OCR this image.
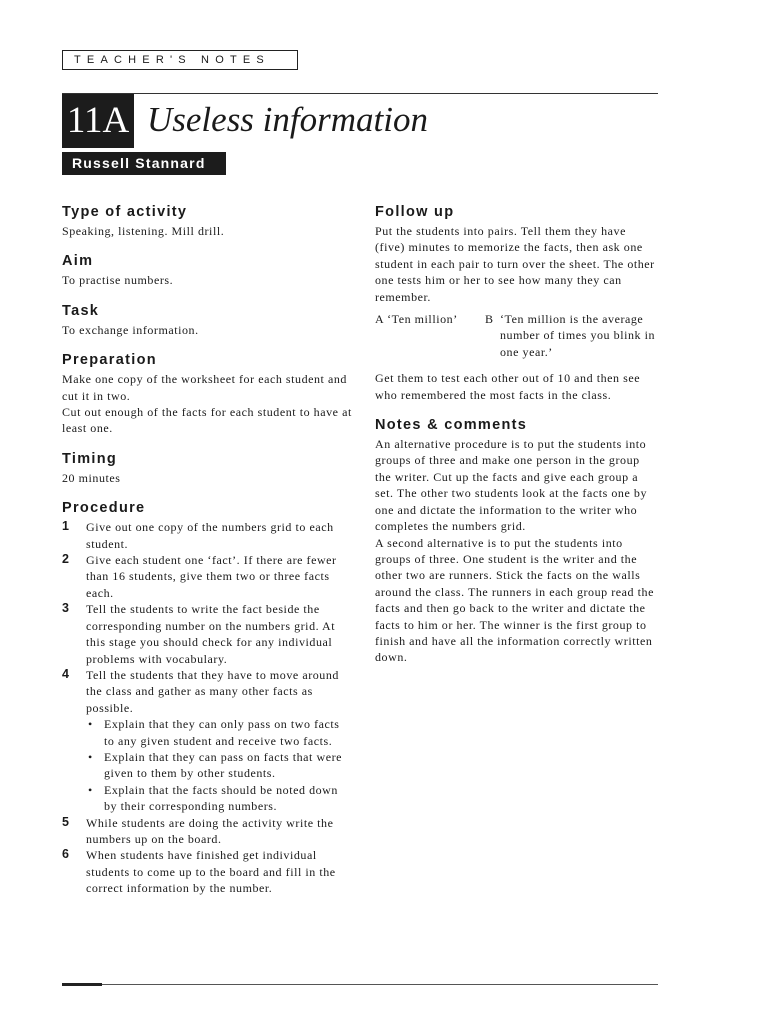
TEACHER'S NOTES
11A Useless information
Russell Stannard
Type of activity

Speaking, listening. Mill drill.

Aim

To practise numbers.

Task

To exchange information.

Preparation

Make one copy of the worksheet for each student and cut it in two.

Cut out enough of the facts for each student to have at least one.

Timing

20 minutes

Procedure
1 Give out one copy of the numbers grid to each student.
2 Give each student one ‘fact’. If there are fewer than 16 students, give them two or three facts each.
3 Tell the students to write the fact beside the corresponding number on the numbers grid. At this stage you should check for any individual problems with vocabulary.
4 Tell the students that they have to move around the class and gather as many other facts as possible.
• Explain that they can only pass on two facts to any given student and receive two facts.
• Explain that they can pass on facts that were given to them by other students.
• Explain that the facts should be noted down by their corresponding numbers.
5 While students are doing the activity write the numbers up on the board.
6 When students have finished get individual students to come up to the board and fill in the correct information by the number.
Follow up

Put the students into pairs. Tell them they have (five) minutes to memorize the facts, then ask one student in each pair to turn over the sheet. The other one tests him or her to see how many they can remember.

A ‘Ten million’	B ‘Ten million is the average number of times you blink in one year.’

Get them to test each other out of 10 and then see who remembered the most facts in the class.

Notes & comments

An alternative procedure is to put the students into groups of three and make one person in the group the writer. Cut up the facts and give each group a set. The other two students look at the facts one by one and dictate the information to the writer who completes the numbers grid.

A second alternative is to put the students into groups of three. One student is the writer and the other two are runners. Stick the facts on the walls around the class. The runners in each group read the facts and then go back to the writer and dictate the facts to him or her. The winner is the first group to finish and have all the information correctly written down.
